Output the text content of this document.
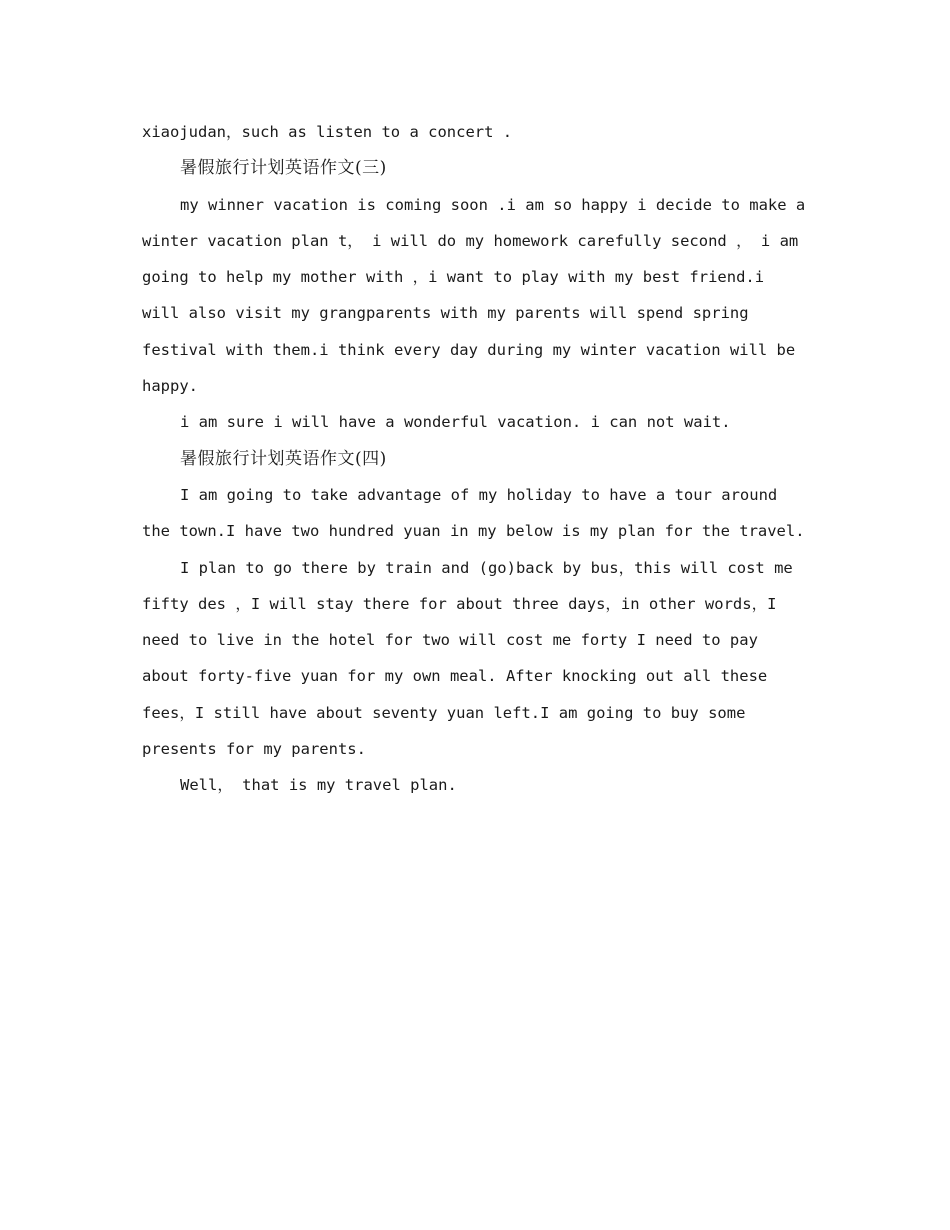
xiaojudan，such as listen to a concert .
暑假旅行计划英语作文(三)
my winner vacation is coming soon .i am so happy i decide to make a
winter vacation plan t， i will do my homework carefully second ， i am
going to help my mother with ，i want to play with my best friend.i
will also visit my grangparents with my parents will spend spring
festival with them.i think every day during my winter vacation will be
happy.
i am sure i will have a wonderful vacation. i can not wait.
暑假旅行计划英语作文(四)
I am going to take advantage of my holiday to have a tour around
the town.I have two hundred yuan in my below is my plan for the travel.
I plan to go there by train and (go)back by bus，this will cost me
fifty des ，I will stay there for about three days，in other words，I
need to live in the hotel for two will cost me forty I need to pay
about forty-five yuan for my own meal. After knocking out all these
fees，I still have about seventy yuan left.I am going to buy some
presents for my parents.
Well， that is my travel plan.
